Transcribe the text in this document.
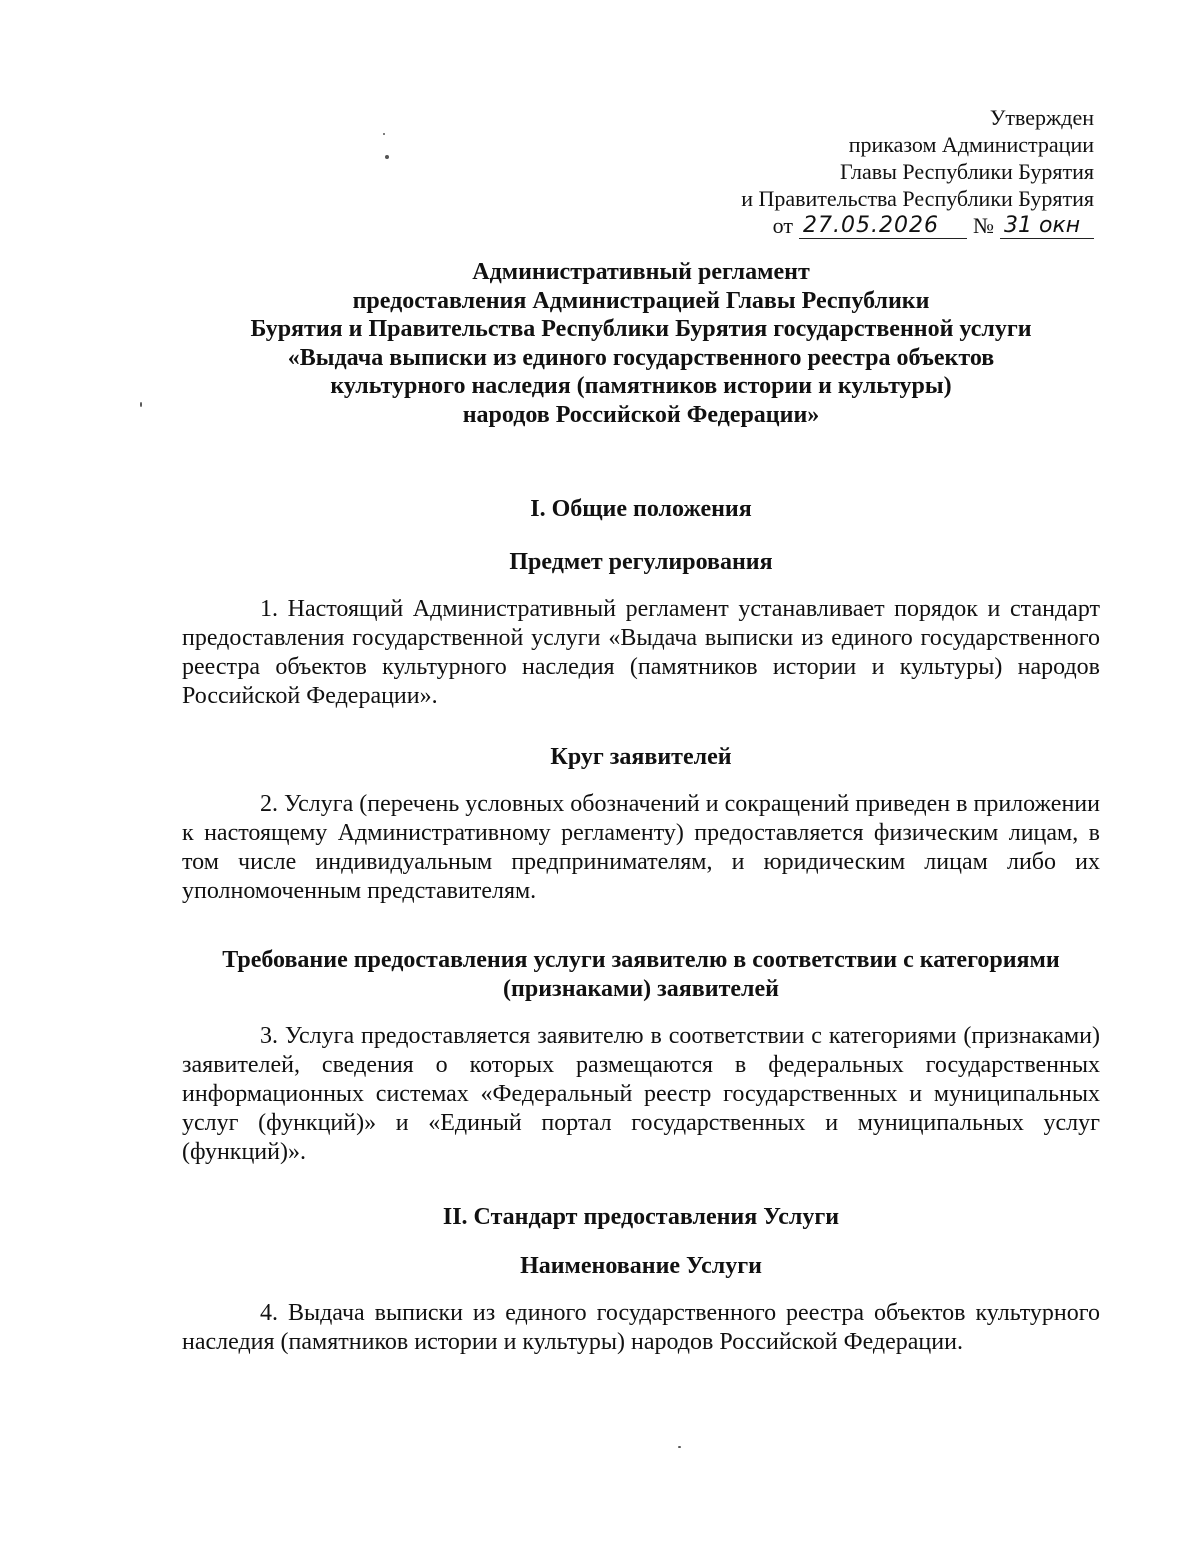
Утвержден
приказом Администрации
Главы Республики Бурятия
и Правительства Республики Бурятия
от 27.05.2026	№ 31 окн
Административный регламент
предоставления Администрацией Главы Республики
Бурятия и Правительства Республики Бурятия государственной услуги
«Выдача выписки из единого государственного реестра объектов
культурного наследия (памятников истории и культуры)
народов Российской Федерации»
I. Общие положения
Предмет регулирования

1. Настоящий Административный регламент устанавливает порядок и стандарт предоставления государственной услуги «Выдача выписки из единого государственного реестра объектов культурного наследия (памятников истории и культуры) народов Российской Федерации».

Круг заявителей

2. Услуга (перечень условных обозначений и сокращений приведен в приложении к настоящему Административному регламенту) предоставляется физическим лицам, в том числе индивидуальным предпринимателям, и юридическим лицам либо их уполномоченным представителям.

Требование предоставления услуги заявителю в соответствии с категориями (признаками) заявителей

3. Услуга предоставляется заявителю в соответствии с категориями (признаками) заявителей, сведения о которых размещаются в федеральных государственных информационных системах «Федеральный реестр государственных и муниципальных услуг (функций)» и «Единый портал государственных и муниципальных услуг (функций)».

II. Стандарт предоставления Услуги
Наименование Услуги

4. Выдача выписки из единого государственного реестра объектов культурного наследия (памятников истории и культуры) народов Российской Федерации.
